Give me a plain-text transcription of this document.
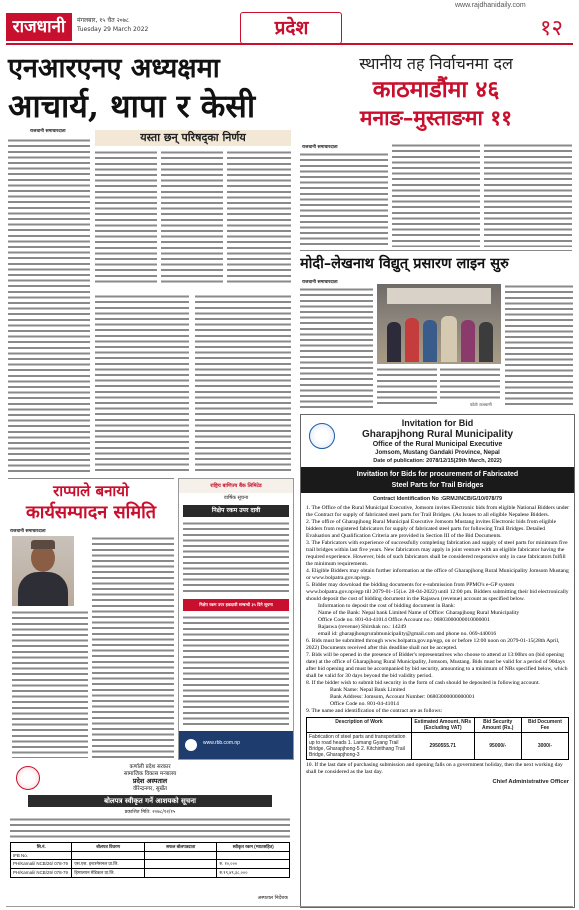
www.rajdhanidaily.com
राजधानी	मंगलबार, १५ चैत २०७८
Tuesday 29 March 2022	प्रदेश	१२
एनआरएनए अध्यक्षमा
आचार्य, थापा र केसी
राजधानी समाचारदाता	यस्ता छन् परिषद्‌का निर्णय
स्थानीय तह निर्वाचनमा दल
काठमाडौंमा ४६
मनाङ–मुस्ताङमा ११
राजधानी समाचारदाता
मोदी–लेखनाथ विद्युत् प्रसारण लाइन सुरु
राजधानी समाचारदाता
फोटोः राजधानी
राप्पाले बनायो
कार्यसम्पादन समिति
राजधानी समाचारदाता
राष्ट्रिय बाणिज्य बैंक लिमिटेड
वार्षिक सूचना
निक्षेप रकम उपर दावी
निक्षेप रकम उपर हकदावी सम्बन्धी ३५ दिने सूचना
www.rbb.com.np
कर्णाली प्रदेश सरकार
सामाजिक विकास मन्त्रालय
प्रदेश अस्पताल
वीरेन्द्रनगर, सुर्खेत
बोलपत्र स्वीकृत गर्ने आशयको सूचना
प्रकाशित मिति: २०७८/१२/१५
सि.नं.	बोलपत्र विवरण	सफल बोलपत्रदाता	स्वीकृत रकम (भ्याटसहित)
IFB No.			
PH/Karnali/ NCB/26/ 078-79	एस.एस. इन्टरनेसनल प्रा.लि.		रु. १०,०००
PH/Karnali/ NCB/29/ 078-79	हिमालयन मेडिकल प्रा.लि.		रु.१९,४९,३८,०००
अस्पताल निर्देशक
Invitation for Bid
Gharapjhong Rural Municipality
Office of the Rural Municipal Executive
Jomsom, Mustang Gandaki Province, Nepal
Date of publication: 2078/12/15(29th March, 2022)
Invitation for Bids for procurement of Fabricated
Steel Parts for Trail Bridges
Contract Identification No :GRMJ/NCB/G/10/078/79
1. The Office of the Rural Municipal Executive, Jomsom invites Electronic bids from eligible National Bidders under the Contract for supply of fabricated steel parts for Trail Bridges. (As Issues to all eligible Nepalese Bidders.
2. The office of Gharapjhong Rural Municipal Executive Jomsom Mustang invites Electronic bids from eligible bidders from registered fabricators for supply of fabricated steel parts for following Trail Bridges. Detailed Evaluation and Qualification Criteria are provided in Section III of the Bid Documents.
3. The Fabricators with experience of successfully completing fabrication and supply of steel parts for minimum five trail bridges within last five years. New fabricators may apply in joint venture with an eligible fabricator having the required experience. However, bids of such fabricators shall be considered responsive only in case fabricators fulfill the minimum requirements.
4. Eligible Bidders may obtain further information at the office of Gharapjhong Rural Municipality Jomsom Mustang or www.bolpatra.gov.np/egp.
5. Bidder may download the bidding documents for e-submission from PPMO's e-GP system www.bolpatra.gov.np/egp till 2079-01-15(i.e. 28-04-2022) until 12:00 pm. Bidders submitting their bid electronically should deposit the cost of bidding document in the Rajaswa (revenue) account as specified below.
Information to deposit the cost of bidding document in Bank:
Name of the Bank: Nepal bank Limited Name of Office: Gharapjhong Rural Municipality
Office Code no. 801-04-41014 Office Account no.: 06803000000010000001
Rajaswa (revenue) Shirshak no.: 14249
email id: gharapjhongruralmunicipality@gmail.com and phone no. 069-440016
6. Bids must be submitted through www.bolpatra.gov.np/egp, on or before 12:00 noon on 2079-01-15(28th April, 2022) Documents received after this deadline shall not be accepted.
7. Bids will be opened in the presence of Bidder's representatives who choose to attend at 13:00hrs on (bid opening date) at the office of Gharapjhong Rural Municipality, Jomsom, Mustang. Bids must be valid for a period of 90days after bid opening and must be accompanied by bid security, amounting to a minimum of NRs specified below, which shall be valid for 30 days beyond the bid validity period.
8. If the bidder wish to submit bid security in the form of cash should be deposited in following account.
Bank Name: Nepal Bank Limited
Bank Address: Jomsom, Account Number: 06803000000000001
Office Code no. 801-04-41014
9. The name and identification of the contract are as follows:
Description of Work	Estimated Amount, NRs (Excluding VAT)	Bid Security Amount (Rs.)	Bid Document Fee
Fabrication of steel parts and transportation up to road heads 1. Lamang Gyang Trail Bridge, Gharapjhong-5 2. Kitchirithang Trail Bridge, Gharapjhong-3	2950555.71	95000/-	3000/-
10. If the last date of purchasing submission and opening falls on a government holiday, then the next working day shall be considered as the last day.
Chief Administrative Officer
